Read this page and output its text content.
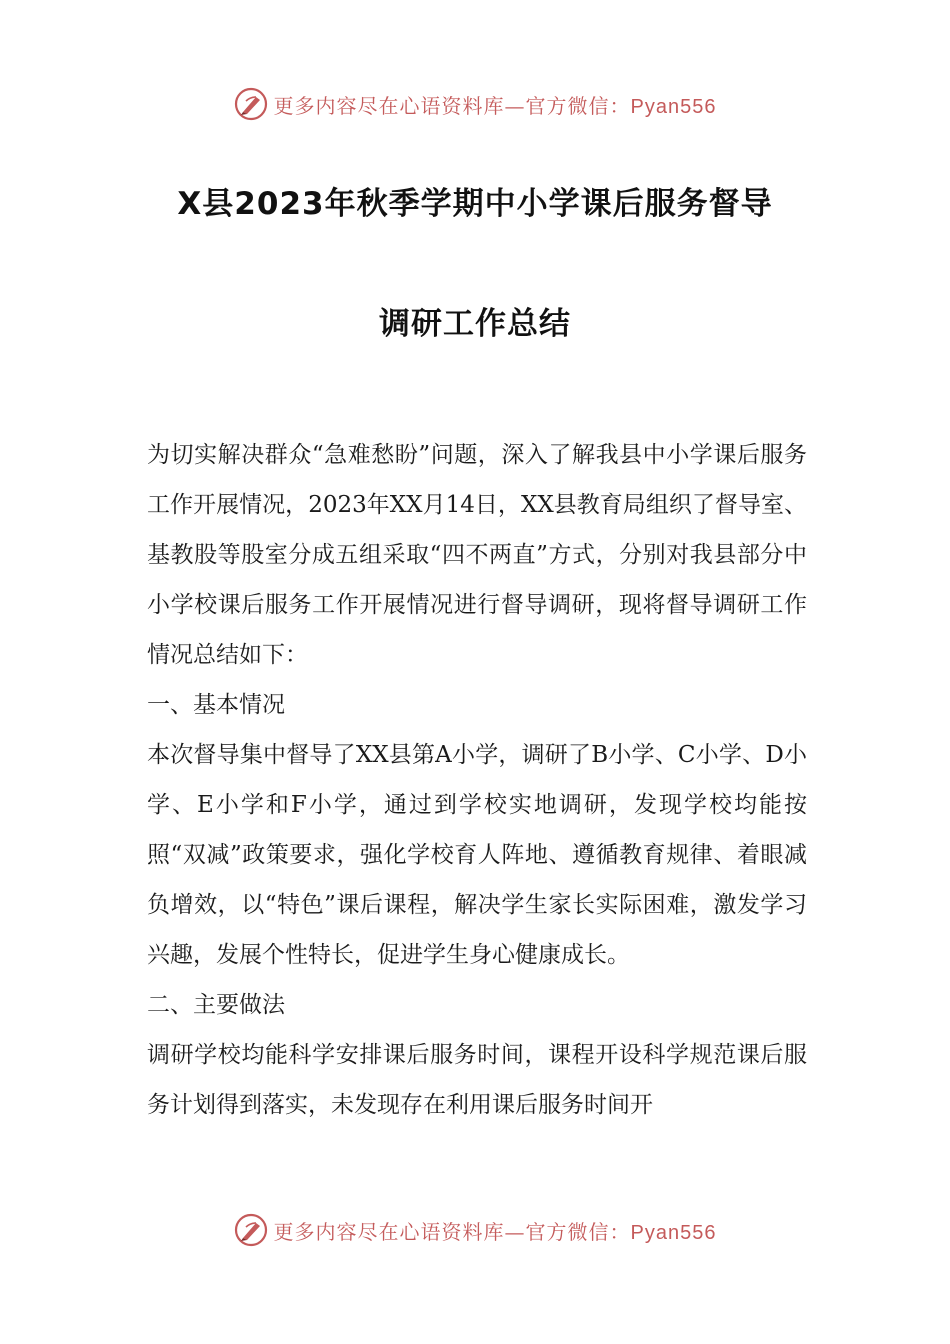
更多内容尽在心语资料库—官方微信：Pyan556
X县2023年秋季学期中小学课后服务督导
调研工作总结

为切实解决群众“急难愁盼”问题，深入了解我县中小学课后服务工作开展情况，2023年XX月14日，XX县教育局组织了督导室、基教股等股室分成五组采取“四不两直”方式，分别对我县部分中小学校课后服务工作开展情况进行督导调研，现将督导调研工作情况总结如下：

一、基本情况

本次督导集中督导了XX县第A小学，调研了B小学、C小学、D小学、E小学和F小学，通过到学校实地调研，发现学校均能按照“双减”政策要求，强化学校育人阵地、遵循教育规律、着眼减负增效，以“特色”课后课程，解决学生家长实际困难，激发学习兴趣，发展个性特长，促进学生身心健康成长。

二、主要做法

调研学校均能科学安排课后服务时间，课程开设科学规范课后服务计划得到落实，未发现存在利用课后服务时间开

更多内容尽在心语资料库—官方微信：Pyan556
